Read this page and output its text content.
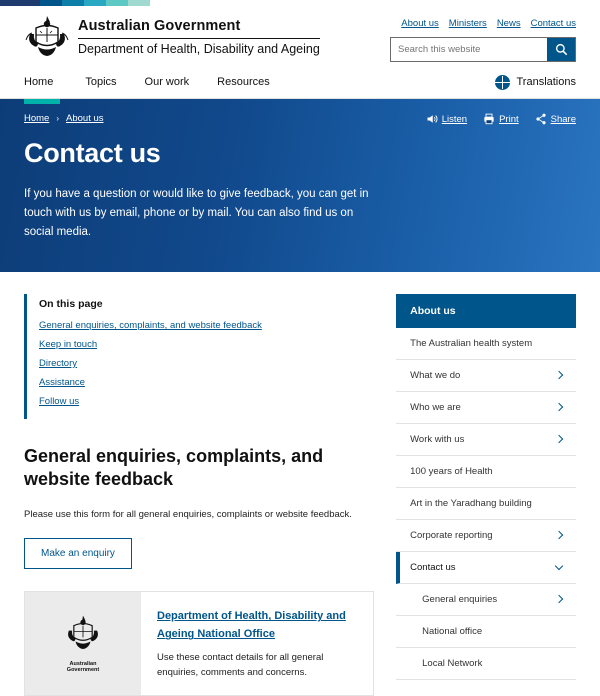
Australian Government
Department of Health, Disability and Ageing
About us Ministers News Contact us
Search this website
Home	Topics	Our work	Resources	Translations
Home › About us	Listen	Print	Share
Contact us

If you have a question or would like to give feedback, you can get in touch with us by email, phone or by mail. You can also find us on social media.

On this page
General enquiries, complaints, and website feedback
Keep in touch
Directory
Assistance
Follow us
General enquiries, complaints, and website feedback

Please use this form for all general enquiries, complaints or website feedback.

Make an enquiry
Australian Government
Department of Health, Disability and Ageing National Office
Use these contact details for all general enquiries, comments and concerns.
About us
The Australian health system
What we do
Who we are
Work with us
100 years of Health
Art in the Yaradhang building
Corporate reporting
Contact us
General enquiries
National office
Local Network
